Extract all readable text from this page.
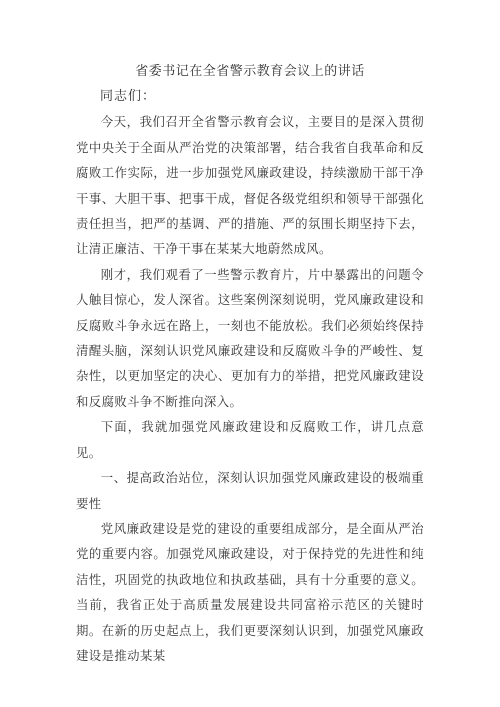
省委书记在全省警示教育会议上的讲话

同志们：

今天，我们召开全省警示教育会议，主要目的是深入贯彻党中央关于全面从严治党的决策部署，结合我省自我革命和反腐败工作实际，进一步加强党风廉政建设，持续激励干部干净干事、大胆干事、把事干成，督促各级党组织和领导干部强化责任担当，把严的基调、严的措施、严的氛围长期坚持下去，让清正廉洁、干净干事在某某大地蔚然成风。

刚才，我们观看了一些警示教育片，片中暴露出的问题令人触目惊心，发人深省。这些案例深刻说明，党风廉政建设和反腐败斗争永远在路上，一刻也不能放松。我们必须始终保持清醒头脑，深刻认识党风廉政建设和反腐败斗争的严峻性、复杂性，以更加坚定的决心、更加有力的举措，把党风廉政建设和反腐败斗争不断推向深入。

下面，我就加强党风廉政建设和反腐败工作，讲几点意见。

一、提高政治站位，深刻认识加强党风廉政建设的极端重要性

党风廉政建设是党的建设的重要组成部分，是全面从严治党的重要内容。加强党风廉政建设，对于保持党的先进性和纯洁性，巩固党的执政地位和执政基础，具有十分重要的意义。当前，我省正处于高质量发展建设共同富裕示范区的关键时期。在新的历史起点上，我们更要深刻认识到，加强党风廉政建设是推动某某
